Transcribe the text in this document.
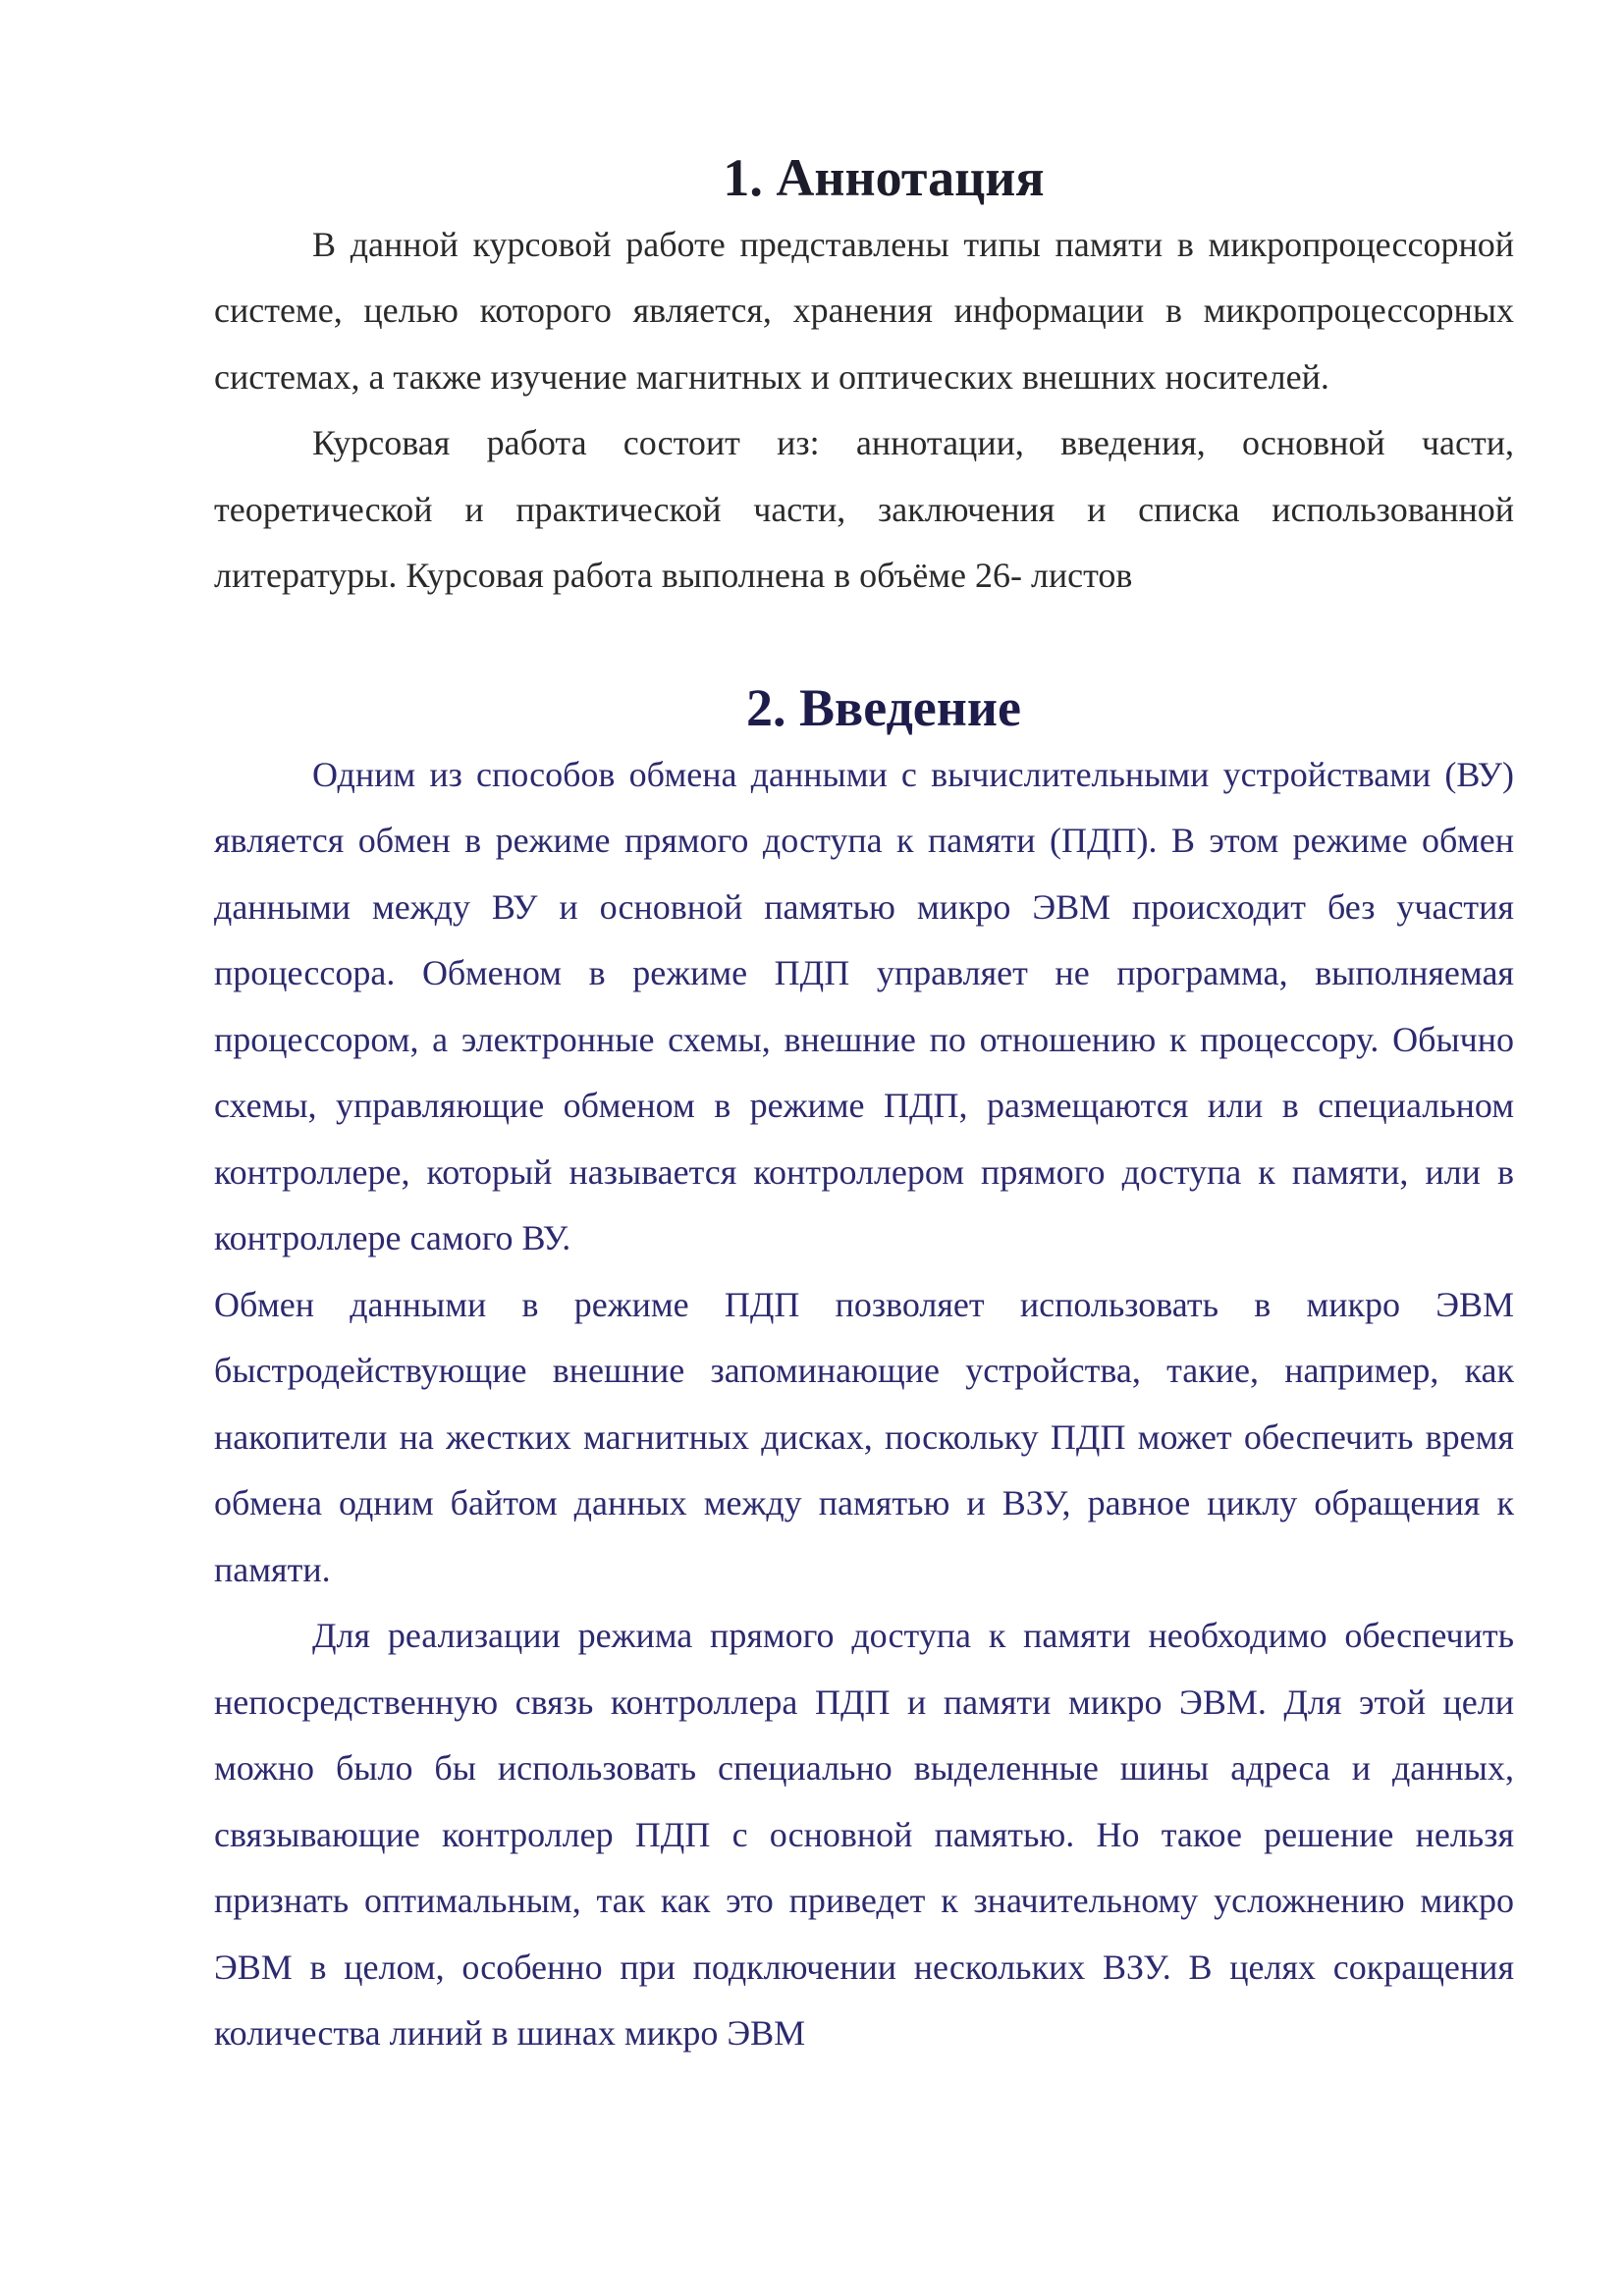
1. Аннотация

В данной курсовой работе представлены типы памяти в микропроцессорной системе, целью которого является, хранения информации в микропроцессорных системах, а также изучение магнитных и оптических внешних носителей.

Курсовая работа состоит из: аннотации, введения, основной части, теоретической и практической части, заключения и списка использованной литературы. Курсовая работа выполнена в объёме 26- листов

2. Введение

Одним из способов обмена данными с вычислительными устройствами (ВУ) является обмен в режиме прямого доступа к памяти (ПДП). В этом режиме обмен данными между ВУ и основной памятью микро ЭВМ происходит без участия процессора. Обменом в режиме ПДП управляет не программа, выполняемая процессором, а электронные схемы, внешние по отношению к процессору. Обычно схемы, управляющие обменом в режиме ПДП, размещаются или в специальном контроллере, который называется контроллером прямого доступа к памяти, или в контроллере самого ВУ.

Обмен данными в режиме ПДП позволяет использовать в микро ЭВМ быстродействующие внешние запоминающие устройства, такие, например, как накопители на жестких магнитных дисках, поскольку ПДП может обеспечить время обмена одним байтом данных между памятью и ВЗУ, равное циклу обращения к памяти.

Для реализации режима прямого доступа к памяти необходимо обеспечить непосредственную связь контроллера ПДП и памяти микро ЭВМ. Для этой цели можно было бы использовать специально выделенные шины адреса и данных, связывающие контроллер ПДП с основной памятью. Но такое решение нельзя признать оптимальным, так как это приведет к значительному усложнению микро ЭВМ в целом, особенно при подключении нескольких ВЗУ. В целях сокращения количества линий в шинах микро ЭВМ
